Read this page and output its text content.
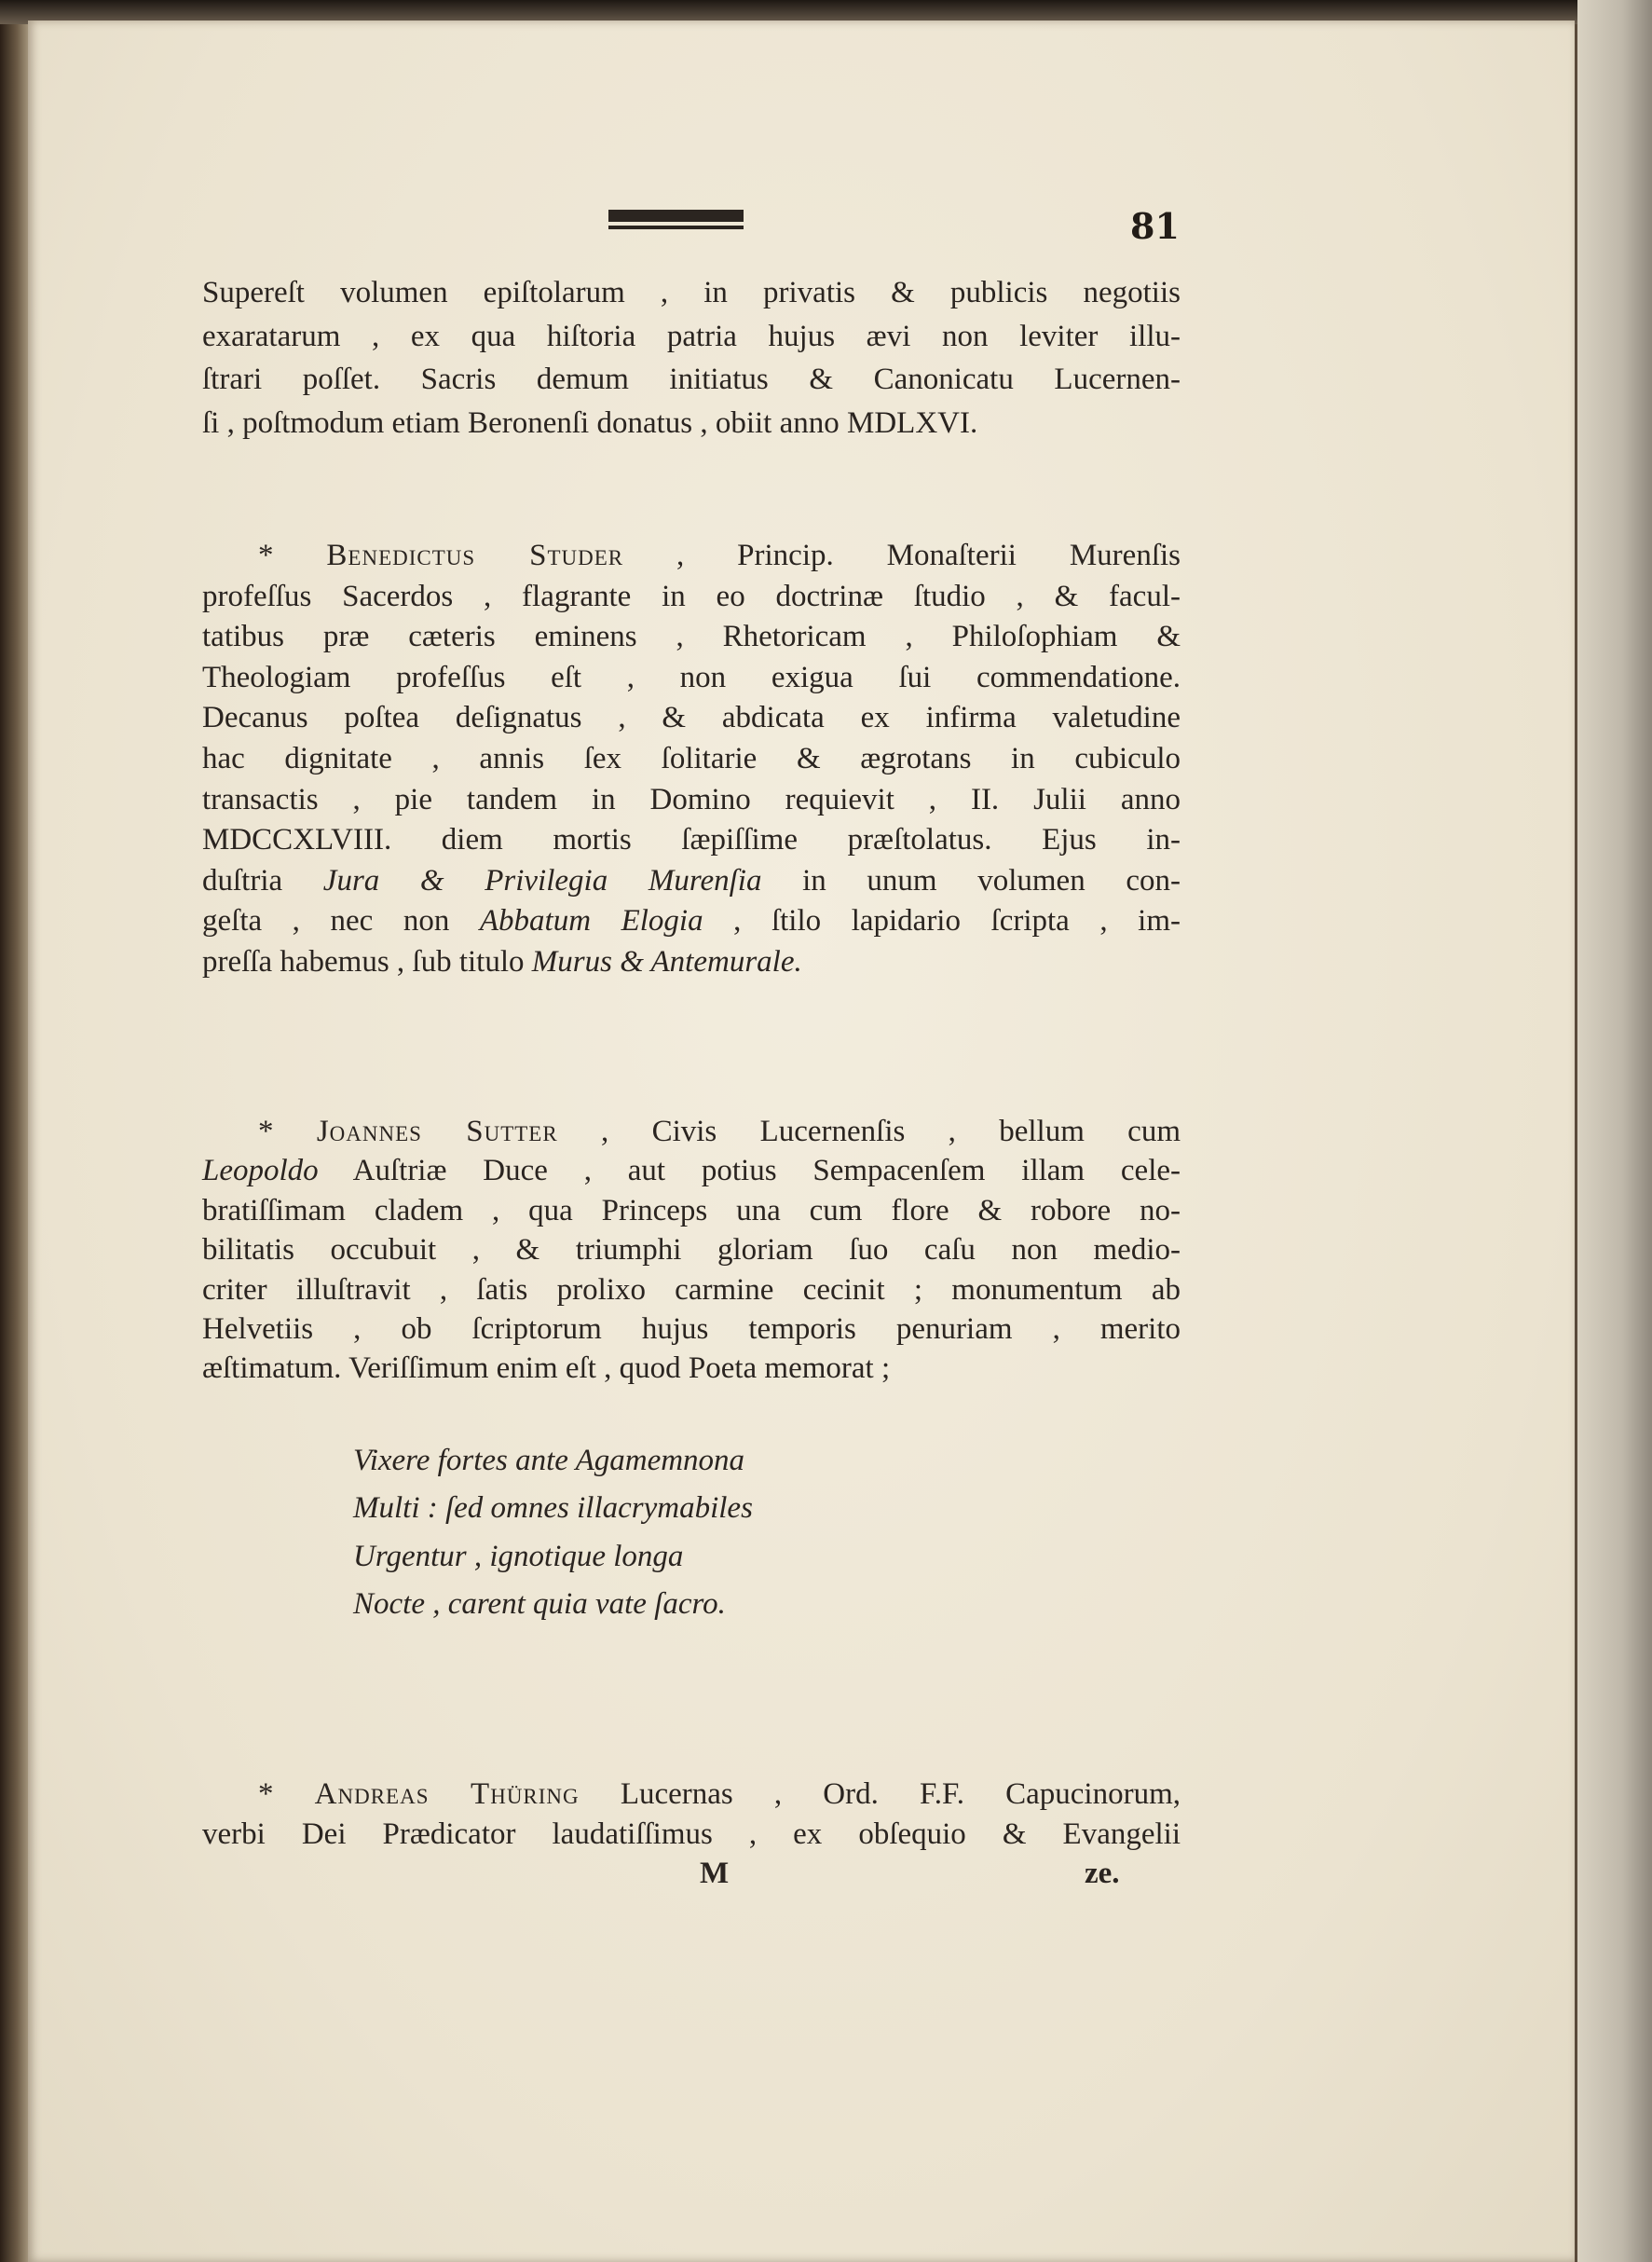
81
Supereſt volumen epiſtolarum , in privatis & publicis negotiis
exaratarum , ex qua hiſtoria patria hujus ævi non leviter illu-
ſtrari poſſet. Sacris demum initiatus & Canonicatu Lucernen-
ſi , poſtmodum etiam Beronenſi donatus , obiit anno MDLXVI.
* Benedictus Studer , Princip. Monaſterii Murenſis
profeſſus Sacerdos , flagrante in eo doctrinæ ſtudio , & facul-
tatibus præ cæteris eminens , Rhetoricam , Philoſophiam &
Theologiam profeſſus eſt , non exigua ſui commendatione.
Decanus poſtea deſignatus , & abdicata ex infirma valetudine
hac dignitate , annis ſex ſolitarie & ægrotans in cubiculo
transactis , pie tandem in Domino requievit , II. Julii anno
MDCCXLVIII. diem mortis ſæpiſſime præſtolatus. Ejus in-
duſtria Jura & Privilegia Murenſia in unum volumen con-
geſta , nec non Abbatum Elogia , ſtilo lapidario ſcripta , im-
preſſa habemus , ſub titulo Murus & Antemurale.
* Joannes Sutter , Civis Lucernenſis , bellum cum
Leopoldo Auſtriæ Duce , aut potius Sempacenſem illam cele-
bratiſſimam cladem , qua Princeps una cum flore & robore no-
bilitatis occubuit , & triumphi gloriam ſuo caſu non medio-
criter illuſtravit , ſatis prolixo carmine cecinit ; monumentum ab
Helvetiis , ob ſcriptorum hujus temporis penuriam , merito
æſtimatum. Veriſſimum enim eſt , quod Poeta memorat ;
* Andreas Thüring Lucernas , Ord. F.F. Capucinorum,
verbi Dei Prædicator laudatiſſimus , ex obſequio & Evangelii
Vixere fortes ante Agamemnona
Multi : ſed omnes illacrymabiles
Urgentur , ignotique longa
Nocte , carent quia vate ſacro.
M	ze.
